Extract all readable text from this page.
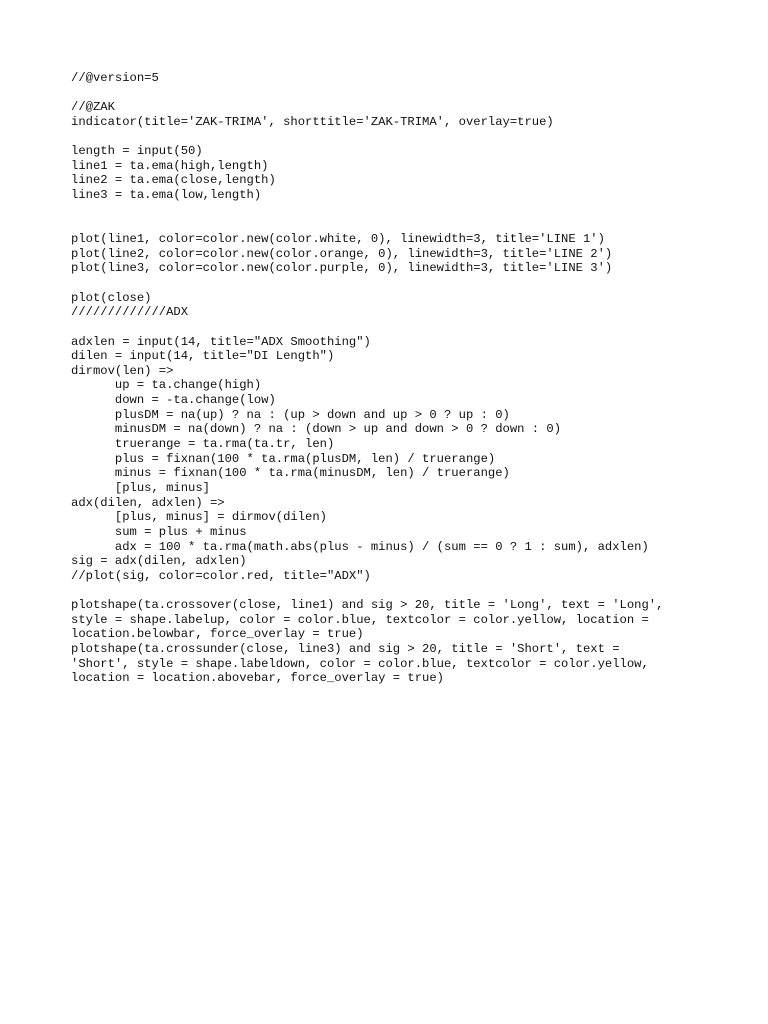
//@version=5
//@ZAK
indicator(title='ZAK-TRIMA', shorttitle='ZAK-TRIMA', overlay=true)
length = input(50)
line1 = ta.ema(high,length)
line2 = ta.ema(close,length)
line3 = ta.ema(low,length)
plot(line1, color=color.new(color.white, 0), linewidth=3, title='LINE 1')
plot(line2, color=color.new(color.orange, 0), linewidth=3, title='LINE 2')
plot(line3, color=color.new(color.purple, 0), linewidth=3, title='LINE 3')
plot(close)
/////////////ADX
adxlen = input(14, title="ADX Smoothing")
dilen = input(14, title="DI Length")
dirmov(len) =>
up = ta.change(high)
down = -ta.change(low)
plusDM = na(up) ? na : (up > down and up > 0 ? up : 0)
minusDM = na(down) ? na : (down > up and down > 0 ? down : 0)
truerange = ta.rma(ta.tr, len)
plus = fixnan(100 * ta.rma(plusDM, len) / truerange)
minus = fixnan(100 * ta.rma(minusDM, len) / truerange)
[plus, minus]
adx(dilen, adxlen) =>
[plus, minus] = dirmov(dilen)
sum = plus + minus
adx = 100 * ta.rma(math.abs(plus - minus) / (sum == 0 ? 1 : sum), adxlen)
sig = adx(dilen, adxlen)
//plot(sig, color=color.red, title="ADX")
plotshape(ta.crossover(close, line1) and sig > 20, title = 'Long', text = 'Long',
style = shape.labelup, color = color.blue, textcolor = color.yellow, location =
location.belowbar, force_overlay = true)
plotshape(ta.crossunder(close, line3) and sig > 20, title = 'Short', text =
'Short', style = shape.labeldown, color = color.blue, textcolor = color.yellow,
location = location.abovebar, force_overlay = true)
